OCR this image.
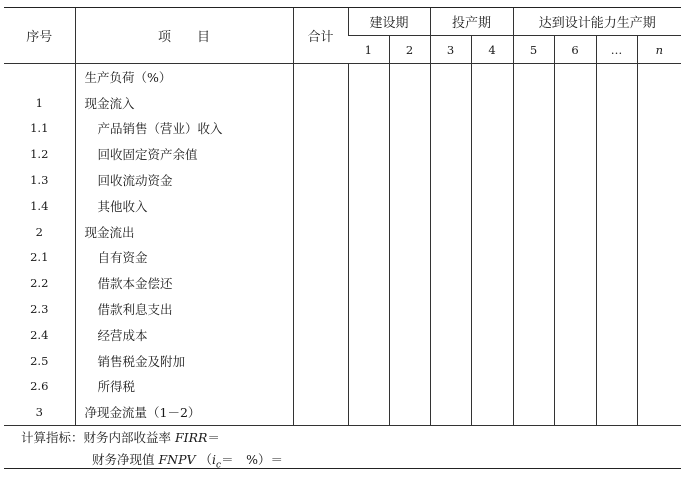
序号	项　　目	合计	建设期		投产期		达到设计能力生产期			
			1	2	3	4	5	6	…	n
	生产负荷（%）									
1	现金流入									
1.1	产品销售（营业）收入									
1.2	回收固定资产余值									
1.3	回收流动资金									
1.4	其他收入									
2	现金流出									
2.1	自有资金									
2.2	借款本金偿还									
2.3	借款利息支出									
2.4	经营成本									
2.5	销售税金及附加									
2.6	所得税									
3	净现金流量（1－2）									
计算指标：财务内部收益率 FIRR＝
财务净现值 FNPV （$i_c=$　%）＝
